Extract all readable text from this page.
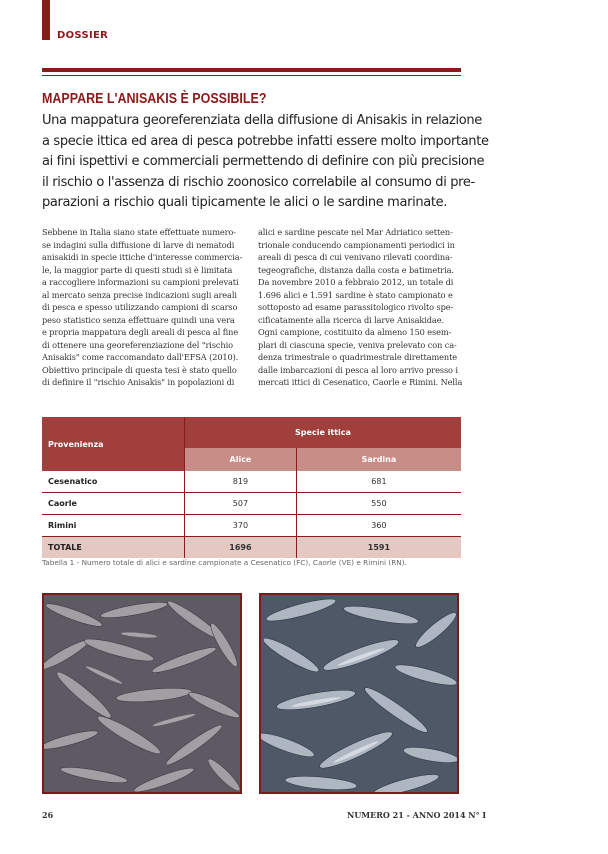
DOSSIER
MAPPARE L'ANISAKIS È POSSIBILE?
Una mappatura georeferenziata della diffusione di Anisakis in relazione
a specie ittica ed area di pesca potrebbe infatti essere molto importante
ai fini ispettivi e commerciali permettendo di definire con più precisione
il rischio o l'assenza di rischio zoonosico correlabile al consumo di pre-
parazioni a rischio quali tipicamente le alici o le sardine marinate.
Sebbene in Italia siano state effettuate numero-
se indagini sulla diffusione di larve di nematodi
anisakidi in specie ittiche d'interesse commercia-
le, la maggior parte di questi studi si è limitata
a raccogliere informazioni su campioni prelevati
al mercato senza precise indicazioni sugli areali
di pesca e spesso utilizzando campioni di scarso
peso statistico senza effettuare quindi una vera
e propria mappatura degli areali di pesca al fine
di ottenere una georeferenziazione del "rischio
Anisakis" come raccomandato dall'EFSA (2010).
Obiettivo principale di questa tesi è stato quello
di definire il "rischio Anisakis" in popolazioni di
alici e sardine pescate nel Mar Adriatico setten-
trionale conducendo campionamenti periodici in
areali di pesca di cui venivano rilevati coordina-
tegeografiche, distanza dalla costa e batimetria.
Da novembre 2010 a febbraio 2012, un totale di
1.696 alici e 1.591 sardine è stato campionato e
sottoposto ad esame parassitologico rivolto spe-
cificatamente alla ricerca di larve Anisakidae.
Ogni campione, costituito da almeno 150 esem-
plari di ciascuna specie, veniva prelevato con ca-
denza trimestrale o quadrimestrale direttamente
dalle imbarcazioni di pesca al loro arrivo presso i
mercati ittici di Cesenatico, Caorle e Rimini. Nella
Provenienza	Specie ittica	
	Alice	Sardina
Cesenatico	819	681
Caorle	507	550
Rimini	370	360
TOTALE	1696	1591
Tabella 1 - Numero totale di alici e sardine campionate a Cesenatico (FC), Caorle (VE) e Rimini (RN).
26	NUMERO 21 - ANNO 2014 N° I
